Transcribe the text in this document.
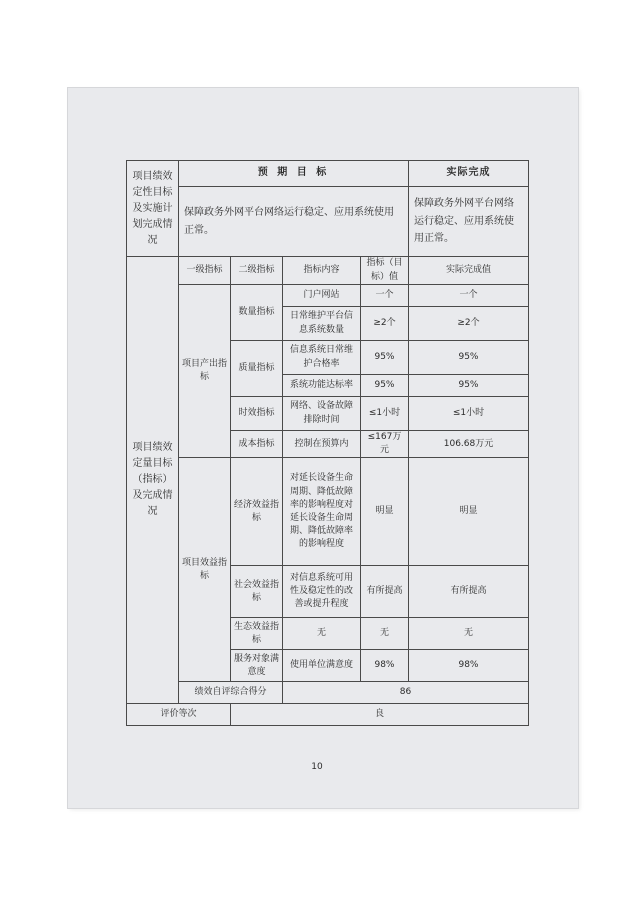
项目绩效定性目标及实施计划完成情况	预 期 目 标				实际完成
	保障政务外网平台网络运行稳定、应用系统使用正常。				保障政务外网平台网络运行稳定、应用系统使用正常。
项目绩效定量目标（指标）及完成情况	一级指标	二级指标	指标内容	指标（目标）值	实际完成值
	项目产出指标	数量指标	门户网站	一个	一个
			日常维护平台信息系统数量	≥2个	≥2个
		质量指标	信息系统日常维护合格率	95%	95%
			系统功能达标率	95%	95%
		时效指标	网络、设备故障排除时间	≤1小时	≤1小时
		成本指标	控制在预算内	≤167万元	106.68万元
	项目效益指标	经济效益指标	对延长设备生命周期、降低故障率的影响程度对延长设备生命周期、降低故障率的影响程度	明显	明显
		社会效益指标	对信息系统可用性及稳定性的改善或提升程度	有所提高	有所提高
		生态效益指标	无	无	无
		服务对象满意度	使用单位满意度	98%	98%
	绩效自评综合得分		86		
评价等次		良			
10
